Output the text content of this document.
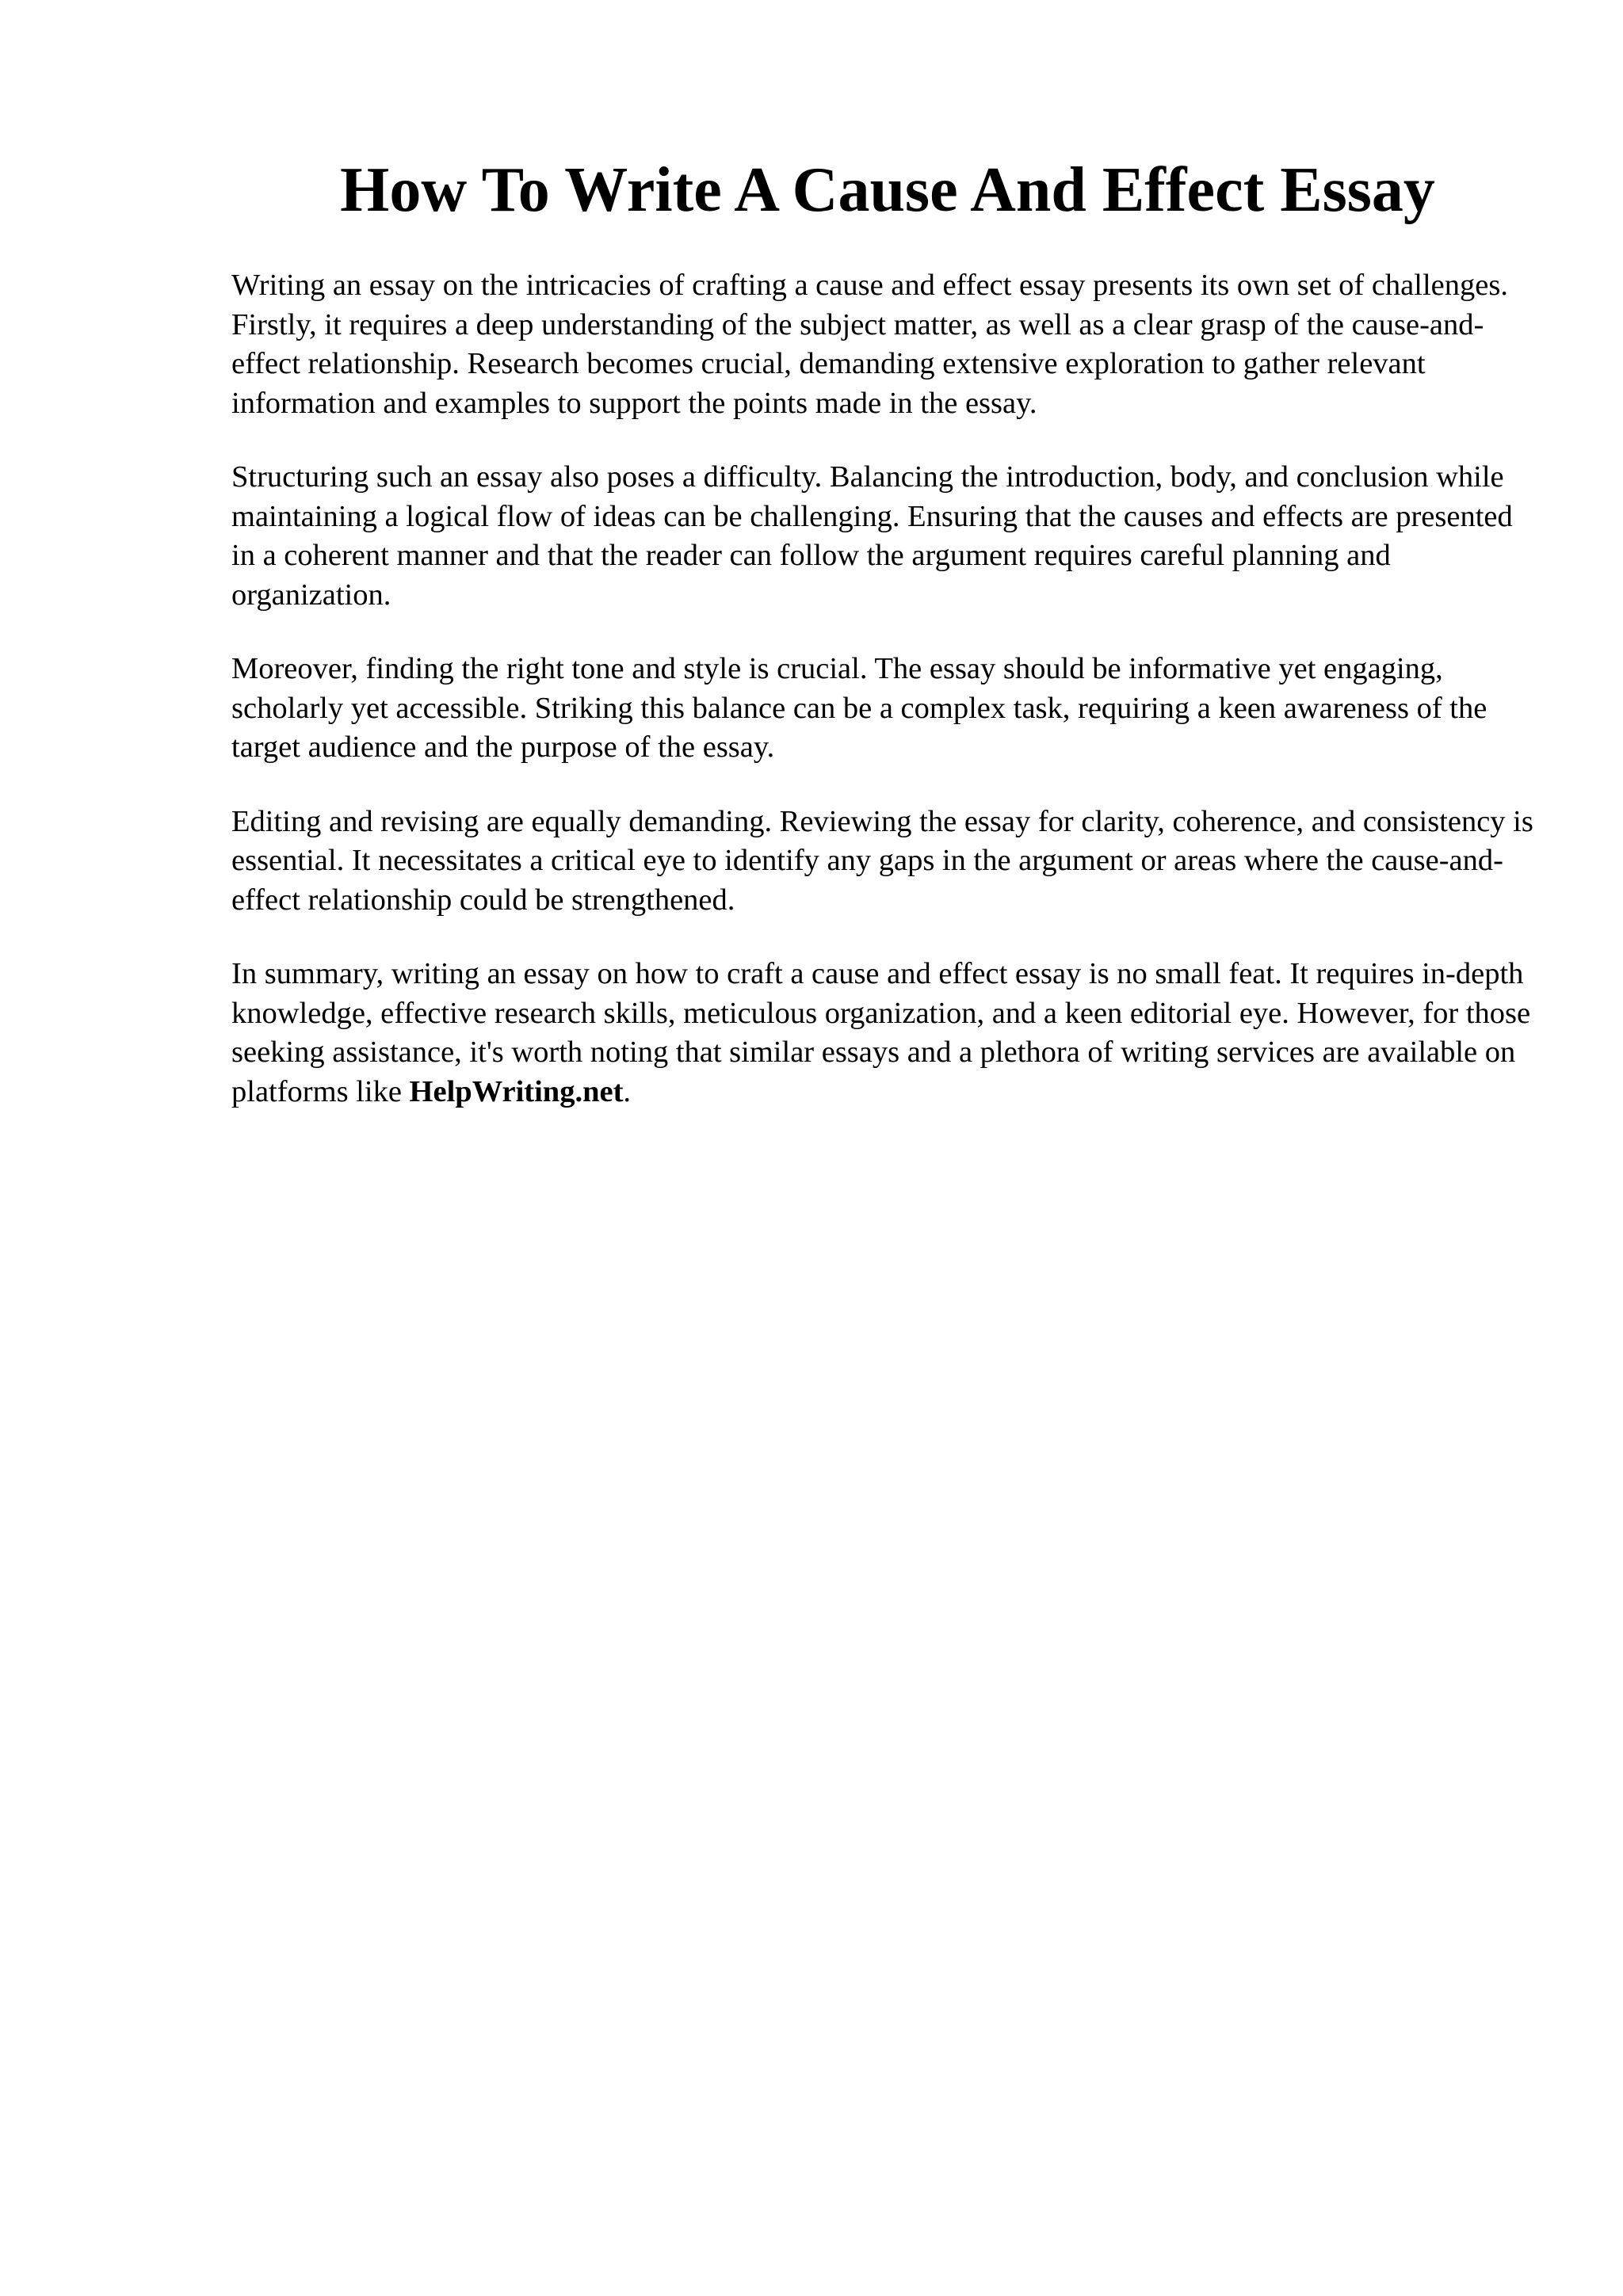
How To Write A Cause And Effect Essay

Writing an essay on the intricacies of crafting a cause and effect essay presents its own set of challenges. Firstly, it requires a deep understanding of the subject matter, as well as a clear grasp of the cause-and-effect relationship. Research becomes crucial, demanding extensive exploration to gather relevant information and examples to support the points made in the essay.

Structuring such an essay also poses a difficulty. Balancing the introduction, body, and conclusion while maintaining a logical flow of ideas can be challenging. Ensuring that the causes and effects are presented in a coherent manner and that the reader can follow the argument requires careful planning and organization.

Moreover, finding the right tone and style is crucial. The essay should be informative yet engaging, scholarly yet accessible. Striking this balance can be a complex task, requiring a keen awareness of the target audience and the purpose of the essay.

Editing and revising are equally demanding. Reviewing the essay for clarity, coherence, and consistency is essential. It necessitates a critical eye to identify any gaps in the argument or areas where the cause-and-effect relationship could be strengthened.

In summary, writing an essay on how to craft a cause and effect essay is no small feat. It requires in-depth knowledge, effective research skills, meticulous organization, and a keen editorial eye. However, for those seeking assistance, it's worth noting that similar essays and a plethora of writing services are available on platforms like HelpWriting.net.
